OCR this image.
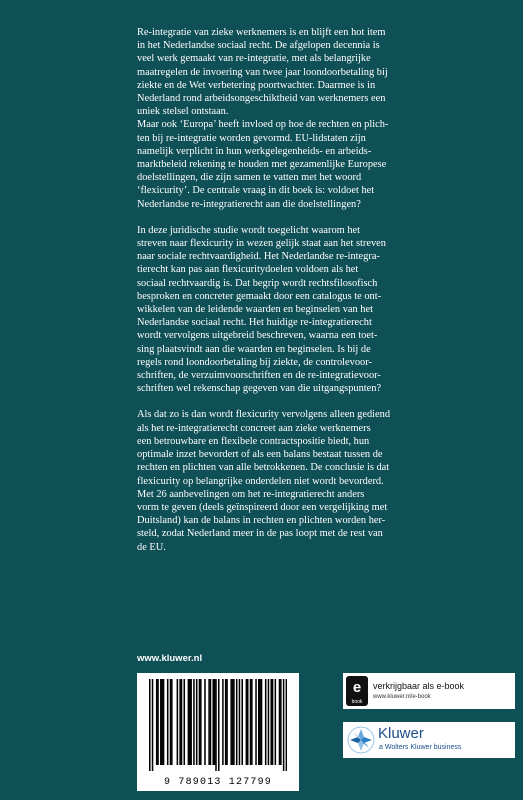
Re-integratie van zieke werknemers is en blijft een hot item
in het Nederlandse sociaal recht. De afgelopen decennia is
veel werk gemaakt van re-integratie, met als belangrijke
maatregelen de invoering van twee jaar loondoorbetaling bij
ziekte en de Wet verbetering poortwachter. Daarmee is in
Nederland rond arbeidsongeschiktheid van werknemers een
uniek stelsel ontstaan.

Maar ook ‘Europa’ heeft invloed op hoe de rechten en plich-
ten bij re-integratie worden gevormd. EU-lidstaten zijn
namelijk verplicht in hun werkgelegenheids- en arbeids-
marktbeleid rekening te houden met gezamenlijke Europese
doelstellingen, die zijn samen te vatten met het woord
‘flexicurity’. De centrale vraag in dit boek is: voldoet het
Nederlandse re-integratierecht aan die doelstellingen?

In deze juridische studie wordt toegelicht waarom het
streven naar flexicurity in wezen gelijk staat aan het streven
naar sociale rechtvaardigheid. Het Nederlandse re-integra-
tierecht kan pas aan flexicuritydoelen voldoen als het
sociaal rechtvaardig is. Dat begrip wordt rechtsfilosofisch
besproken en concreter gemaakt door een catalogus te ont-
wikkelen van de leidende waarden en beginselen van het
Nederlandse sociaal recht. Het huidige re-integratierecht
wordt vervolgens uitgebreid beschreven, waarna een toet-
sing plaatsvindt aan die waarden en beginselen. Is bij de
regels rond loondoorbetaling bij ziekte, de controlevoor-
schriften, de verzuimvoorschriften en de re-integratievoor-
schriften wel rekenschap gegeven van die uitgangspunten?

Als dat zo is dan wordt flexicurity vervolgens alleen gediend
als het re-integratierecht concreet aan zieke werknemers
een betrouwbare en flexibele contractspositie biedt, hun
optimale inzet bevordert of als een balans bestaat tussen de
rechten en plichten van alle betrokkenen. De conclusie is dat
flexicurity op belangrijke onderdelen niet wordt bevorderd.
Met 26 aanbevelingen om het re-integratierecht anders
vorm te geven (deels geïnspireerd door een vergelijking met
Duitsland) kan de balans in rechten en plichten worden her-
steld, zodat Nederland meer in de pas loopt met de rest van
de EU.

www.kluwer.nl
9 789013 127799
e
book
verkrijgbaar als e-book
www.kluwer.nl/e-book
Kluwer
a Wolters Kluwer business
